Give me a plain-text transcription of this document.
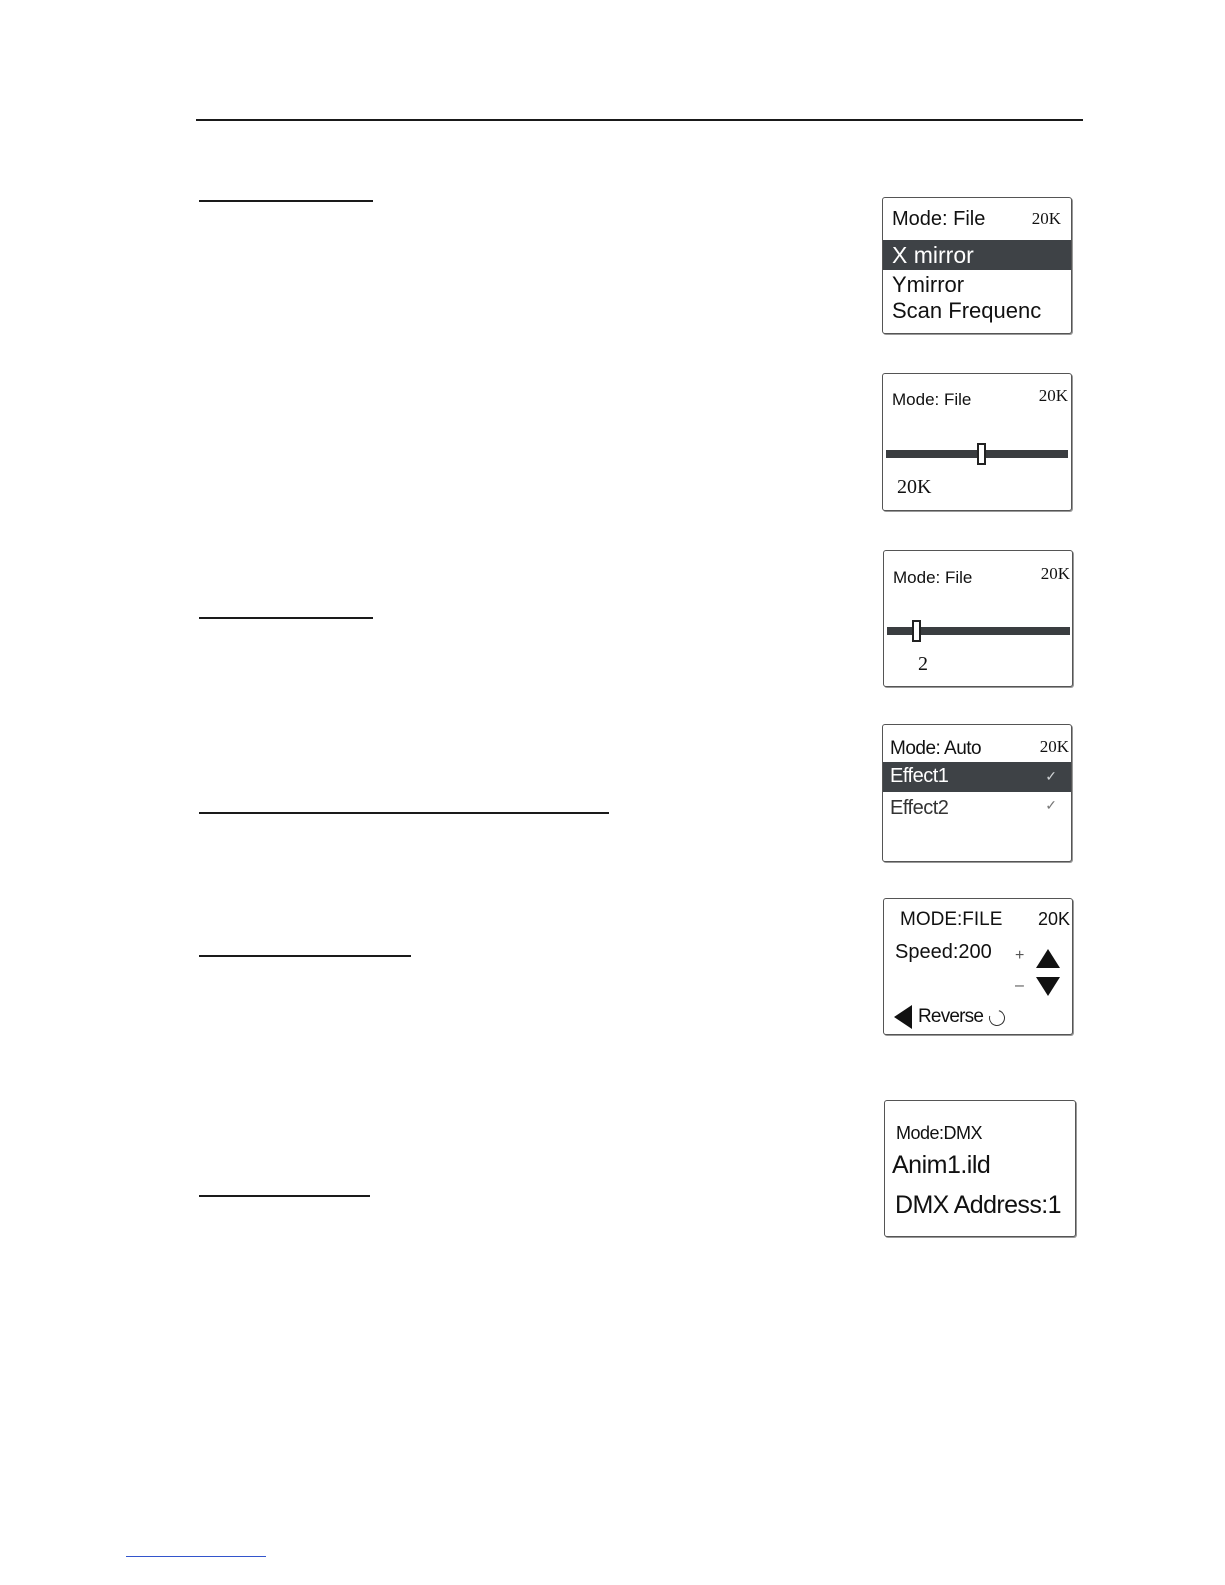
Mode: File	20K
X mirror
Ymirror
Scan Frequenc
Mode: File	20K
20K
Mode: File	20K
2
Mode: Auto	20K
Effect1	✓
Effect2	✓
MODE:FILE 20K
Speed:200 +
–
Reverse
Mode:DMX
Anim1.ild
DMX Address:1
